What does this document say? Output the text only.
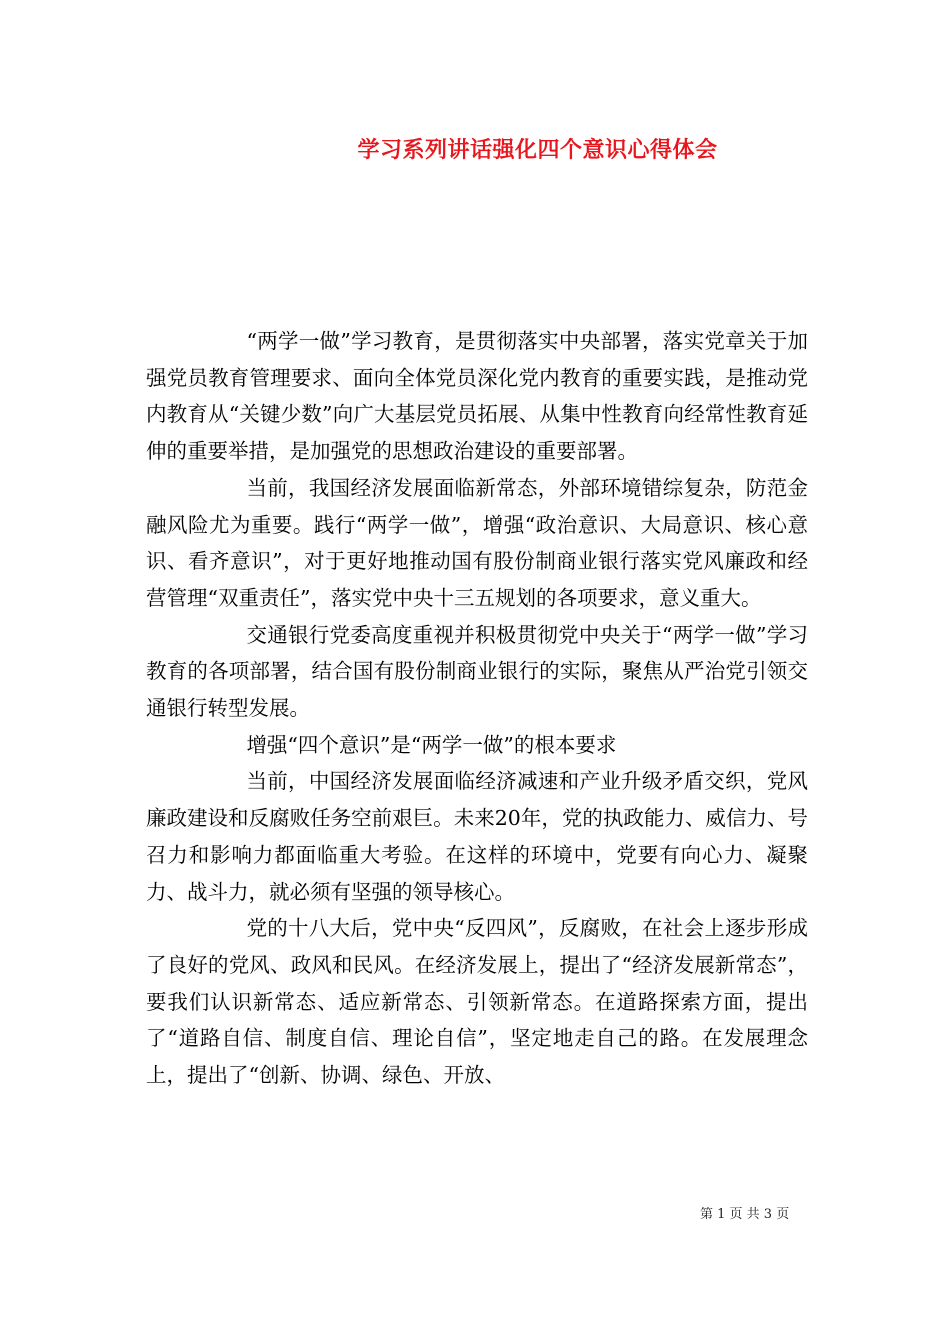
学习系列讲话强化四个意识心得体会

“两学一做”学习教育，是贯彻落实中央部署，落实党章关于加强党员教育管理要求、面向全体党员深化党内教育的重要实践，是推动党内教育从“关键少数”向广大基层党员拓展、从集中性教育向经常性教育延伸的重要举措，是加强党的思想政治建设的重要部署。

当前，我国经济发展面临新常态，外部环境错综复杂，防范金融风险尤为重要。践行“两学一做”，增强“政治意识、大局意识、核心意识、看齐意识”，对于更好地推动国有股份制商业银行落实党风廉政和经营管理“双重责任”，落实党中央十三五规划的各项要求，意义重大。

交通银行党委高度重视并积极贯彻党中央关于“两学一做”学习教育的各项部署，结合国有股份制商业银行的实际，聚焦从严治党引领交通银行转型发展。

增强“四个意识”是“两学一做”的根本要求

当前，中国经济发展面临经济减速和产业升级矛盾交织，党风廉政建设和反腐败任务空前艰巨。未来20年，党的执政能力、威信力、号召力和影响力都面临重大考验。在这样的环境中，党要有向心力、凝聚力、战斗力，就必须有坚强的领导核心。

党的十八大后，党中央“反四风”，反腐败，在社会上逐步形成了良好的党风、政风和民风。在经济发展上，提出了“经济发展新常态”，要我们认识新常态、适应新常态、引领新常态。在道路探索方面，提出了“道路自信、制度自信、理论自信”，坚定地走自己的路。在发展理念上，提出了“创新、协调、绿色、开放、

第 1 页 共 3 页
